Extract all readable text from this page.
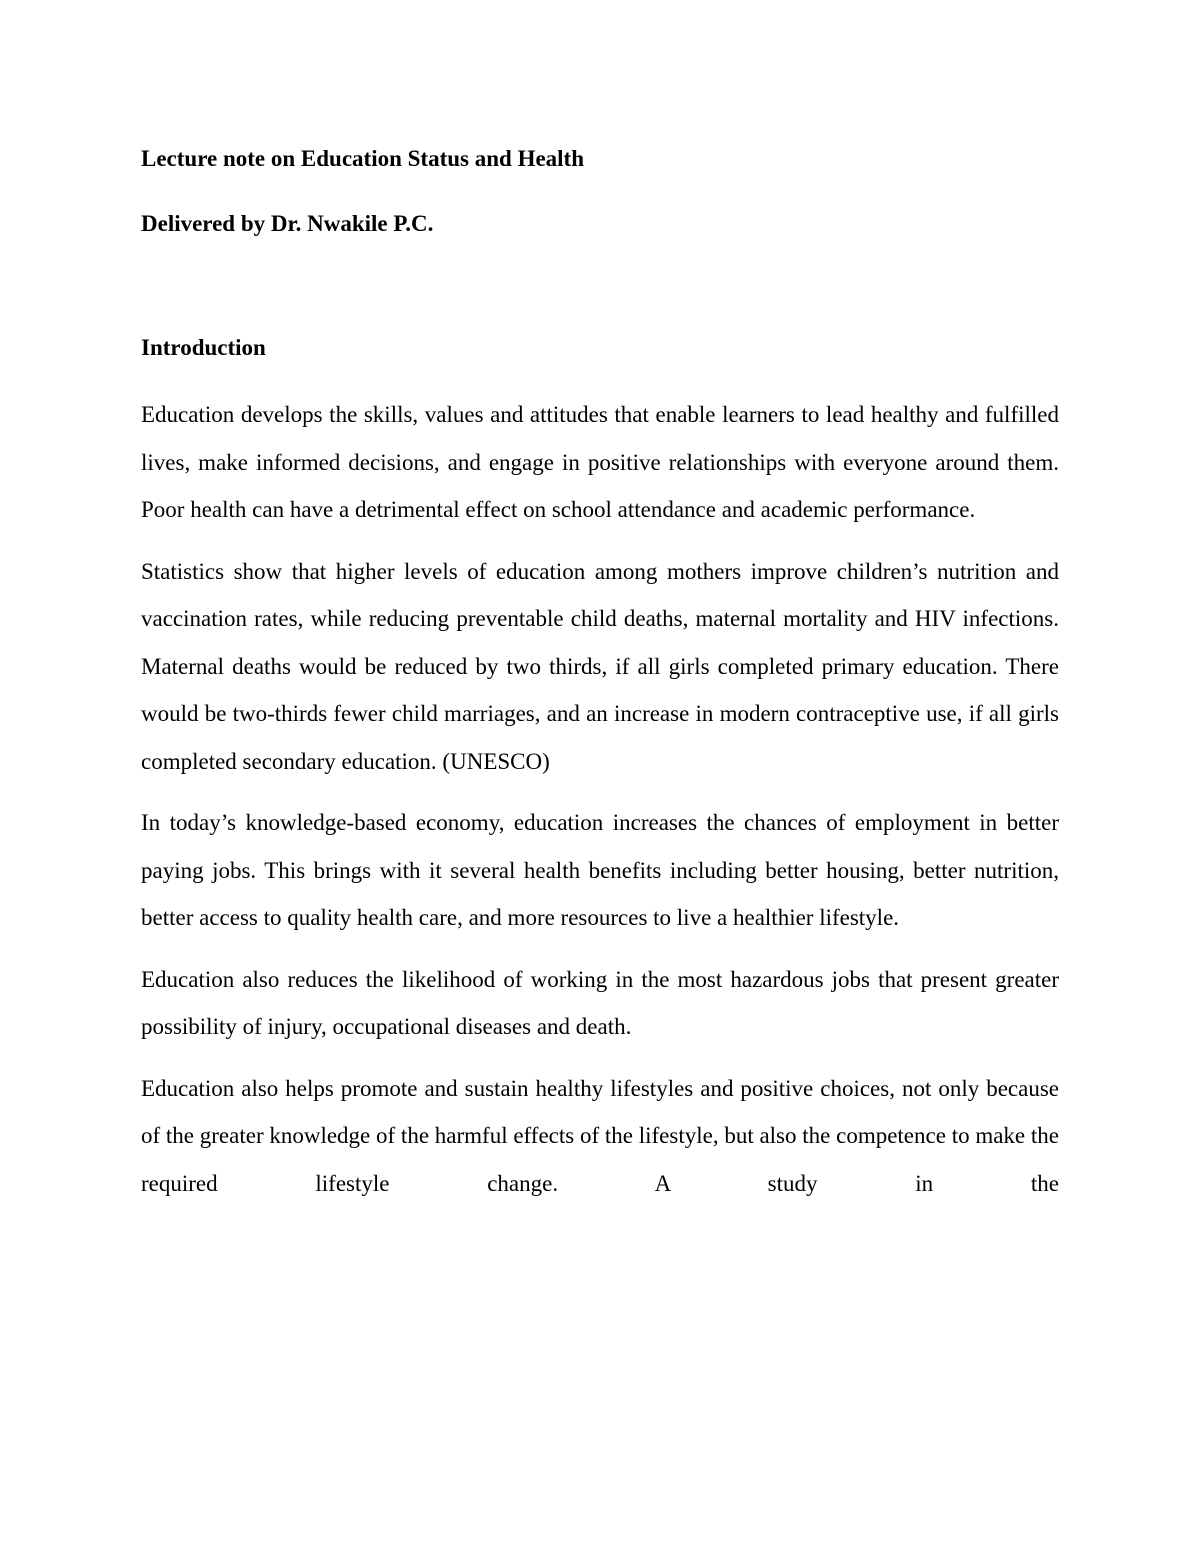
Lecture note on Education Status and Health

Delivered by Dr. Nwakile P.C.

Introduction

Education develops the skills, values and attitudes that enable learners to lead healthy and fulfilled lives, make informed decisions, and engage in positive relationships with everyone around them. Poor health can have a detrimental effect on school attendance and academic performance.

Statistics show that higher levels of education among mothers improve children’s nutrition and vaccination rates, while reducing preventable child deaths, maternal mortality and HIV infections. Maternal deaths would be reduced by two thirds, if all girls completed primary education. There would be two-thirds fewer child marriages, and an increase in modern contraceptive use, if all girls completed secondary education. (UNESCO)

In today’s knowledge-based economy, education increases the chances of employment in better paying jobs. This brings with it several health benefits including better housing, better nutrition, better access to quality health care, and more resources to live a healthier lifestyle.

Education also reduces the likelihood of working in the most hazardous jobs that present greater possibility of injury, occupational diseases and death.

Education also helps promote and sustain healthy lifestyles and positive choices, not only because of the greater knowledge of the harmful effects of the lifestyle, but also the competence to make the required lifestyle change. A study in the
